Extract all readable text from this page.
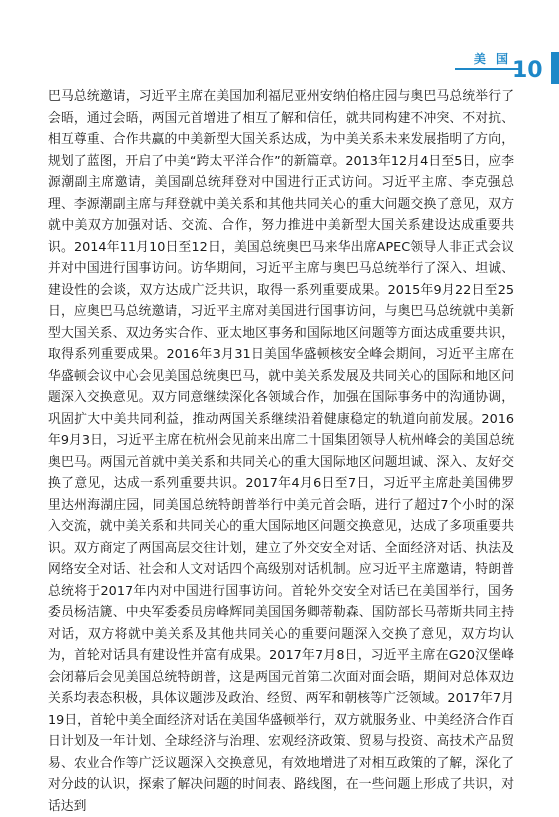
美 国 10

巴马总统邀请，习近平主席在美国加利福尼亚州安纳伯格庄园与奥巴马总统举行了会晤，通过会晤，两国元首增进了相互了解和信任，就共同构建不冲突、不对抗、相互尊重、合作共赢的中美新型大国关系达成，为中美关系未来发展指明了方向，规划了蓝图，开启了中美“跨太平洋合作”的新篇章。2013年12月4日至5日，应李源潮副主席邀请，美国副总统拜登对中国进行正式访问。习近平主席、李克强总理、李源潮副主席与拜登就中美关系和其他共同关心的重大问题交换了意见，双方就中美双方加强对话、交流、合作，努力推进中美新型大国关系建设达成重要共识。2014年11月10日至12日，美国总统奥巴马来华出席APEC领导人非正式会议并对中国进行国事访问。访华期间，习近平主席与奥巴马总统举行了深入、坦诚、建设性的会谈，双方达成广泛共识，取得一系列重要成果。2015年9月22日至25日，应奥巴马总统邀请，习近平主席对美国进行国事访问，与奥巴马总统就中美新型大国关系、双边务实合作、亚太地区事务和国际地区问题等方面达成重要共识，取得系列重要成果。2016年3月31日美国华盛顿核安全峰会期间，习近平主席在华盛顿会议中心会见美国总统奥巴马，就中美关系发展及共同关心的国际和地区问题深入交换意见。双方同意继续深化各领域合作，加强在国际事务中的沟通协调，巩固扩大中美共同利益，推动两国关系继续沿着健康稳定的轨道向前发展。2016年9月3日，习近平主席在杭州会见前来出席二十国集团领导人杭州峰会的美国总统奥巴马。两国元首就中美关系和共同关心的重大国际地区问题坦诚、深入、友好交换了意见，达成一系列重要共识。2017年4月6日至7日，习近平主席赴美国佛罗里达州海湖庄园，同美国总统特朗普举行中美元首会晤，进行了超过7个小时的深入交流，就中美关系和共同关心的重大国际地区问题交换意见，达成了多项重要共识。双方商定了两国高层交往计划，建立了外交安全对话、全面经济对话、执法及网络安全对话、社会和人文对话四个高级别对话机制。应习近平主席邀请，特朗普总统将于2017年内对中国进行国事访问。首轮外交安全对话已在美国举行，国务委员杨洁篪、中央军委委员房峰辉同美国国务卿蒂勒森、国防部长马蒂斯共同主持对话，双方将就中美关系及其他共同关心的重要问题深入交换了意见，双方均认为，首轮对话具有建设性并富有成果。2017年7月8日，习近平主席在G20汉堡峰会闭幕后会见美国总统特朗普，这是两国元首第二次面对面会晤，期间对总体双边关系均表态积极，具体议题涉及政治、经贸、两军和朝核等广泛领域。2017年7月19日，首轮中美全面经济对话在美国华盛顿举行，双方就服务业、中美经济合作百日计划及一年计划、全球经济与治理、宏观经济政策、贸易与投资、高技术产品贸易、农业合作等广泛议题深入交换意见，有效地增进了对相互政策的了解，深化了对分歧的认识，探索了解决问题的时间表、路线图，在一些问题上形成了共识，对话达到
